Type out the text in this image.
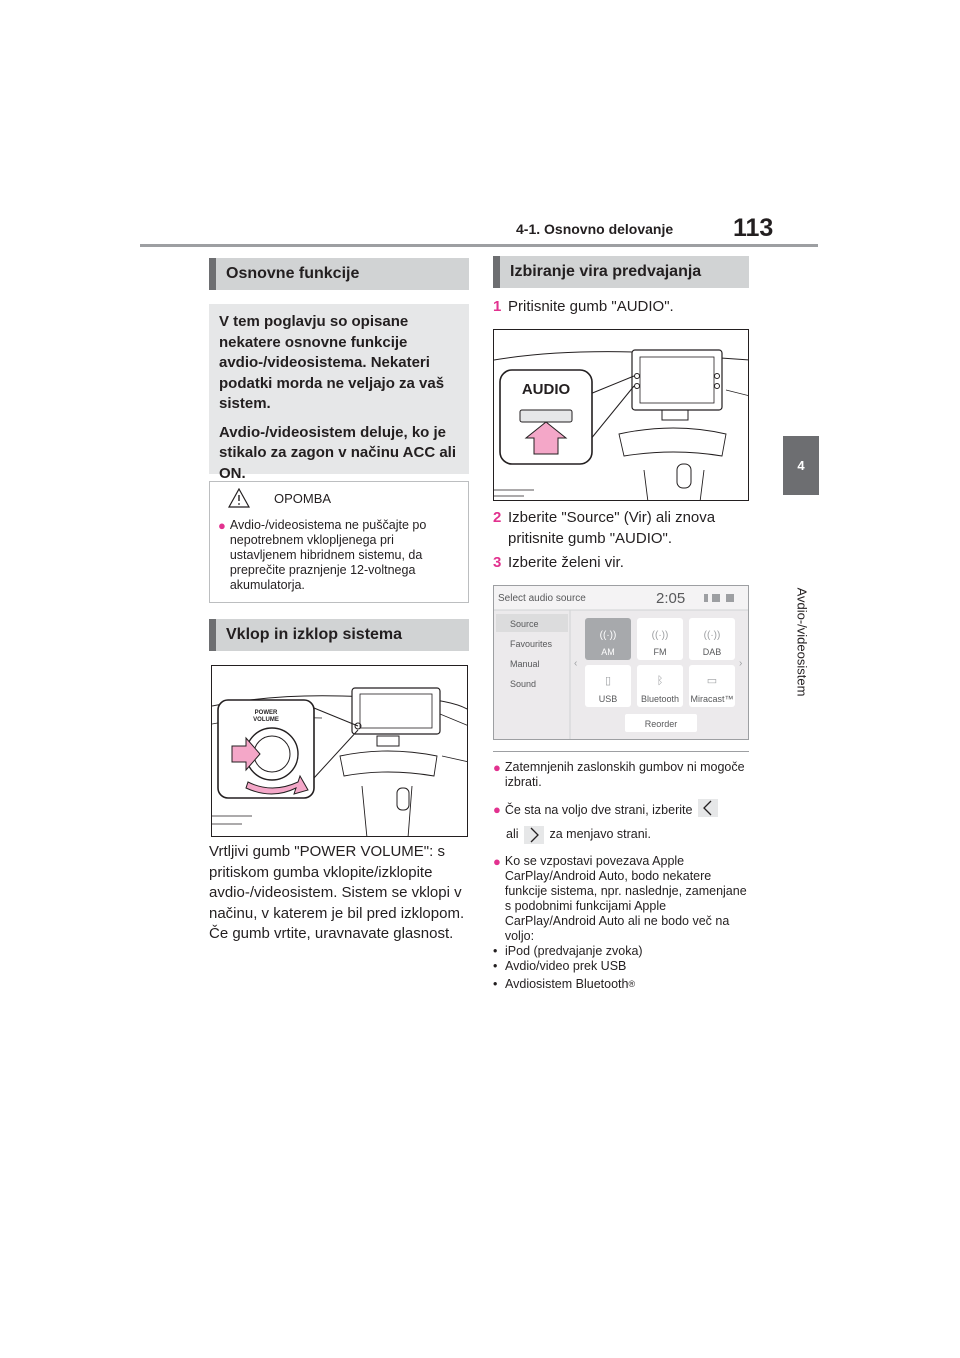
4-1. Osnovno delovanje 113
4
Avdio-/videosistem
Osnovne funkcije

V tem poglavju so opisane nekatere osnovne funkcije avdio-/videosistema. Nekateri podatki morda ne veljajo za vaš sistem.

Avdio-/videosistem deluje, ko je stikalo za zagon v načinu ACC ali ON.

OPOMBA
● Avdio-/videosistema ne puščajte po nepotrebnem vklopljenega pri ustavljenem hibridnem sistemu, da preprečite praznjenje 12-voltnega akumulatorja.
Vklop in izklop sistema
POWER
VOLUME
Vrtljivi gumb "POWER VOLUME": s pritiskom gumba vklopite/izklopite avdio-/videosistem. Sistem se vklopi v načinu, v katerem je bil pred izklopom. Če gumb vrtite, uravnavate glasnost.
Izbiranje vira predvajanja
1 Pritisnite gumb "AUDIO".
AUDIO
2 Izberite "Source" (Vir) ali znova pritisnite gumb "AUDIO".
3 Izberite želeni vir.
Select audio source	2:05
Source
Favourites
Manual
Sound
‹	›
((·))	((·))	((·))
▯	ᛒ	▭
AM	FM	DAB
USB	Bluetooth Miracast™
Reorder
● Zatemnjenih zaslonskih gumbov ni mogoče izbrati.
● Če sta na voljo dve strani, izberite
ali za menjavo strani.
● Ko se vzpostavi povezava Apple CarPlay/Android Auto, bodo nekatere funkcije sistema, npr. naslednje, zamenjane s podobnimi funkcijami Apple CarPlay/Android Auto ali ne bodo več na voljo:
• iPod (predvajanje zvoka)
• Avdio/video prek USB
• Avdiosistem Bluetooth ®
